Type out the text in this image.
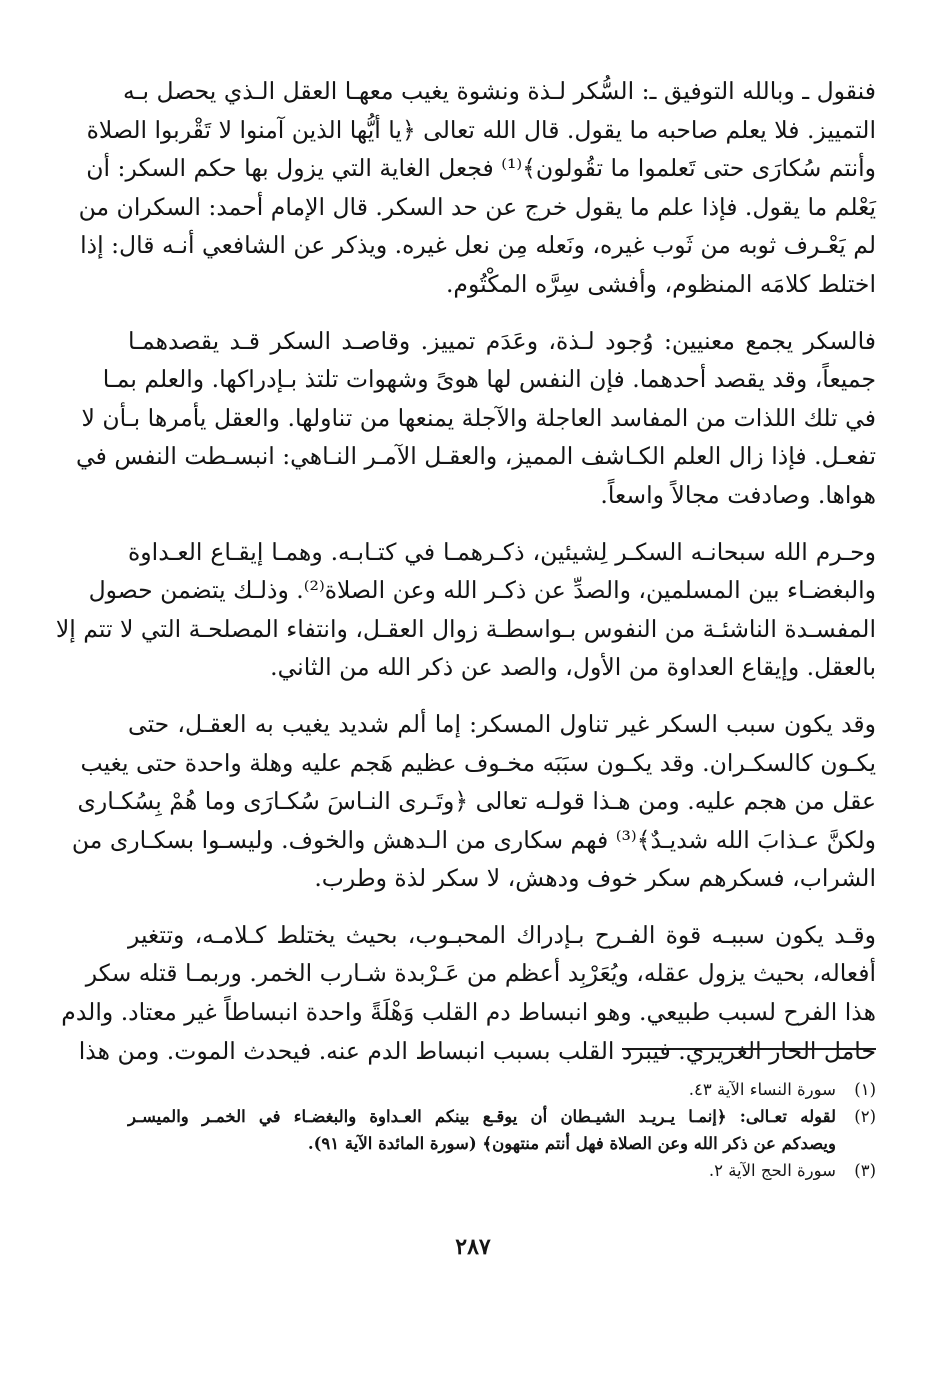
فنقول ـ وبالله التوفيق ـ: السُّكر لـذة ونشوة يغيب معهـا العقل الـذي يحصل بـه
التمييز. فلا يعلم صاحبه ما يقول. قال الله تعالى ﴿يا أيُّها الذين آمنوا لا تَقْربوا الصلاة
وأنتم سُكارَى حتى تَعلموا ما تقُولون﴾⁽¹⁾ فجعل الغاية التي يزول بها حكم السكر: أن
يَعْلم ما يقول. فإذا علم ما يقول خرج عن حد السكر. قال الإمام أحمد: السكران من
لم يَعْـرف ثوبه من ثَوب غيره، ونَعله مِن نعل غيره. ويذكر عن الشافعي أنـه قال: إذا
اختلط كلامَه المنظوم، وأفشى سِرَّه المكْتُوم.
فالسكر يجمع معنيين: وُجود لـذة، وعَدَم تمييز. وقاصـد السكر قـد يقصدهمـا
جميعاً، وقد يقصد أحدهما. فإن النفس لها هوىً وشهوات تلتذ بـإدراكها. والعلم بمـا
في تلك اللذات من المفاسد العاجلة والآجلة يمنعها من تناولها. والعقل يأمرها بـأن لا
تفعـل. فإذا زال العلم الكـاشف المميز، والعقـل الآمـر النـاهي: انبسـطت النفس في
هواها. وصادفت مجالاً واسعاً.
وحـرم الله سبحانـه السكـر لِشيئين، ذكـرهمـا في كتـابـه. وهمـا إيقـاع العـداوة
والبغضـاء بين المسلمين، والصدِّ عن ذكـر الله وعن الصلاة⁽²⁾. وذلـك يتضمن حصول
المفسـدة الناشئـة من النفوس بـواسطـة زوال العقـل، وانتفاء المصلحـة التي لا تتم إلا
بالعقل. وإيقاع العداوة من الأول، والصد عن ذكر الله من الثاني.
وقد يكون سبب السكر غير تناول المسكر: إما ألم شديد يغيب به العقـل، حتى
يكـون كالسكـران. وقد يكـون سبَبَه مخـوف عظيم هَجم عليه وهلة واحدة حتى يغيب
عقل من هجم عليه. ومن هـذا قولـه تعالى ﴿وتَـرى النـاسَ سُكـارَى وما هُمْ بِسُكـارى
ولكنَّ عـذابَ الله شديـدٌ﴾⁽³⁾ فهم سكارى من الـدهش والخوف. وليسـوا بسكـارى من
الشراب، فسكرهم سكر خوف ودهش، لا سكر لذة وطرب.
وقـد يكون سببـه قوة الفـرح بـإدراك المحبـوب، بحيث يختلط كـلامـه، وتتغير
أفعاله، بحيث يزول عقله، ويُعَرْبِد أعظم من عَـرْبدة شـارب الخمر. وربمـا قتله سكر
هذا الفرح لسبب طبيعي. وهو انبساط دم القلب وَهْلَةً واحدة انبساطاً غير معتاد. والدم
حامل الحار الغريزي. فيبرد القلب بسبب انبساط الدم عنه. فيحدث الموت. ومن هذا
(١)
سورة النساء الآية ٤٣.
(٢)
لقوله تعـالى: ﴿إنمـا يـريـد الشيـطان أن يوقـع بينكم العـداوة والبغضـاء في الخمـر والميسـر
ويصدكم عن ذكر الله وعن الصلاة فهل أنتم منتهون﴾ (سورة المائدة الآية ٩١).
(٣)
سورة الحج الآية ٢.
٢٨٧
